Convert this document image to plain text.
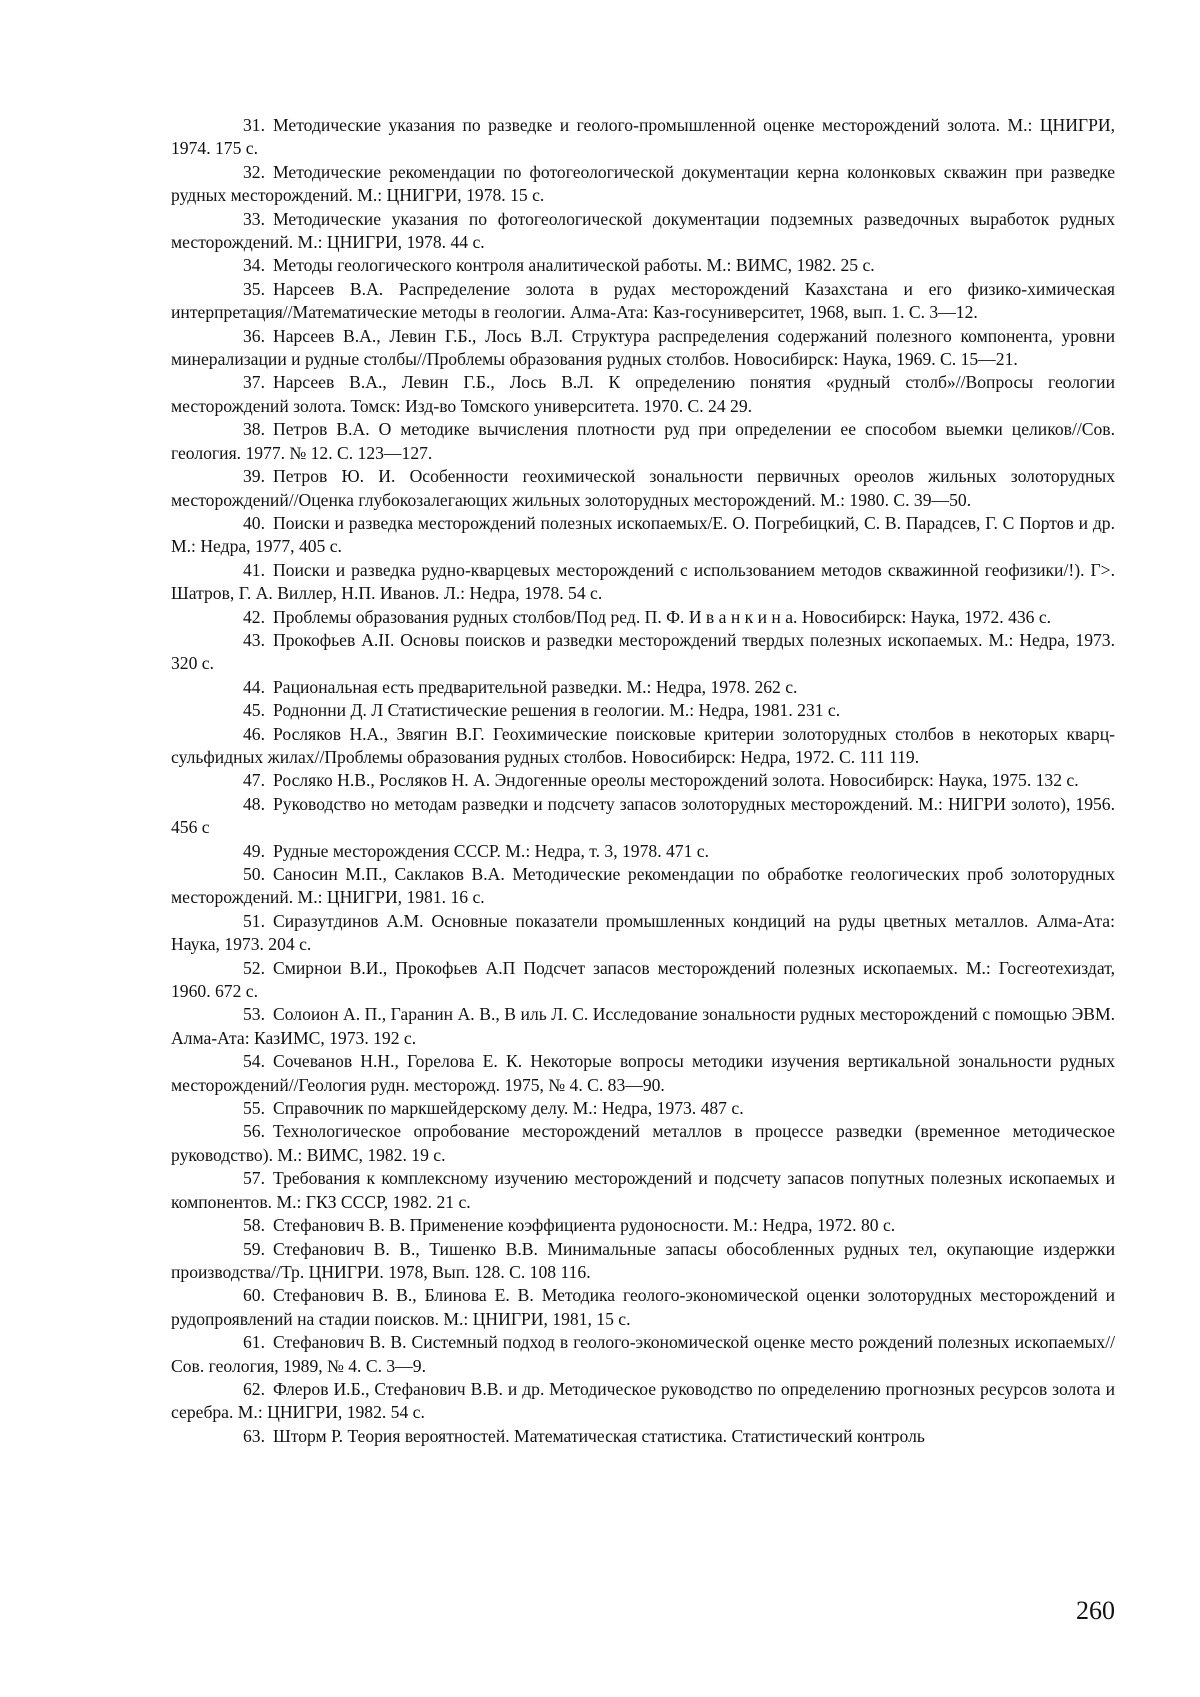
31. Методические указания по разведке и геолого-промышленной оценке месторождений золота. М.: ЦНИГРИ, 1974. 175 с.
32. Методические рекомендации по фотогеологической документации керна колонковых скважин при разведке рудных месторождений. М.: ЦНИГРИ, 1978. 15 с.
33. Методические указания по фотогеологической документации подземных разведочных выработок рудных месторождений. М.: ЦНИГРИ, 1978. 44 с.
34. Методы геологического контроля аналитической работы. М.: ВИМС, 1982. 25 с.
35. Нарсеев В.А. Распределение золота в рудах месторождений Казахстана и его физико-химическая интерпретация//Математические методы в геологии. Алма-Ата: Каз-госуниверситет, 1968, вып. 1. С. 3—12.
36. Нарсеев В.А., Левин Г.Б., Лось В.Л. Структура распределения содержаний полезного компонента, уровни минерализации и рудные столбы//Проблемы образования рудных столбов. Новосибирск: Наука, 1969. С. 15—21.
37. Нарсеев В.А., Левин Г.Б., Лось В.Л. К определению понятия «рудный столб»//Вопросы геологии месторождений золота. Томск: Изд-во Томского университета. 1970. С. 24 29.
38. Петров В.А. О методике вычисления плотности руд при определении ее способом выемки целиков//Сов. геология. 1977. № 12. С. 123—127.
39. Петров Ю. И. Особенности геохимической зональности первичных ореолов жильных золоторудных месторождений//Оценка глубокозалегающих жильных золоторудных месторождений. М.: 1980. С. 39—50.
40. Поиски и разведка месторождений полезных ископаемых/Е. О. Погребицкий, С. В. Парадсев, Г. С Портов и др. М.: Недра, 1977, 405 с.
41. Поиски и разведка рудно-кварцевых месторождений с использованием методов скважинной геофизики/!). Г>. Шатров, Г. А. Виллер, Н.П. Иванов. Л.: Недра, 1978. 54 с.
42. Проблемы образования рудных столбов/Под ред. П. Ф. И в а н к и н а. Новосибирск: Наука, 1972. 436 с.
43. Прокофьев А.II. Основы поисков и разведки месторождений твердых полезных ископаемых. М.: Недра, 1973. 320 с.
44. Рациональная есть предварительной разведки. М.: Недра, 1978. 262 с.
45. Роднонни Д. Л Статистические решения в геологии. М.: Недра, 1981. 231 с.
46. Росляков Н.А., Звягин В.Г. Геохимические поисковые критерии золоторудных столбов в некоторых кварц-сульфидных жилах//Проблемы образования рудных столбов. Новосибирск: Недра, 1972. С. 111 119.
47. Росляко Н.В., Росляков Н. А. Эндогенные ореолы месторождений золота. Новосибирск: Наука, 1975. 132 с.
48. Руководство но методам разведки и подсчету запасов золоторудных месторождений. М.: НИГРИ золото), 1956. 456 с
49. Рудные месторождения СССР. М.: Недра, т. 3, 1978. 471 с.
50. Саносин М.П., Саклаков В.А. Методические рекомендации по обработке геологических проб золоторудных месторождений. М.: ЦНИГРИ, 1981. 16 с.
51. Сиразутдинов А.М. Основные показатели промышленных кондиций на руды цветных металлов. Алма-Ата: Наука, 1973. 204 с.
52. Смирнои В.И., Прокофьев А.П Подсчет запасов месторождений полезных ископаемых. М.: Госгеотехиздат, 1960. 672 с.
53. Солоион А. П., Гаранин А. В., В иль Л. С. Исследование зональности рудных месторождений с помощью ЭВМ. Алма-Ата: КазИМС, 1973. 192 с.
54. Сочеванов Н.Н., Горелова Е. К. Некоторые вопросы методики изучения вертикальной зональности рудных месторождений//Геология рудн. месторожд. 1975, № 4. С. 83—90.
55. Справочник по маркшейдерскому делу. М.: Недра, 1973. 487 с.
56. Технологическое опробование месторождений металлов в процессе разведки (временное методическое руководство). М.: ВИМС, 1982. 19 с.
57. Требования к комплексному изучению месторождений и подсчету запасов попутных полезных ископаемых и компонентов. М.: ГКЗ СССР, 1982. 21 с.
58. Стефанович В. В. Применение коэффициента рудоносности. М.: Недра, 1972. 80 с.
59. Стефанович В. В., Тишенко В.В. Минимальные запасы обособленных рудных тел, окупающие издержки производства//Тр. ЦНИГРИ. 1978, Вып. 128. С. 108 116.
60. Стефанович В. В., Блинова Е. В. Методика геолого-экономической оценки золоторудных месторождений и рудопроявлений на стадии поисков. М.: ЦНИГРИ, 1981, 15 с.
61. Стефанович В. В. Системный подход в геолого-экономической оценке место рождений полезных ископаемых//Сов. геология, 1989, № 4. С. 3—9.
62. Флеров И.Б., Стефанович В.В. и др. Методическое руководство по определению прогнозных ресурсов золота и серебра. М.: ЦНИГРИ, 1982. 54 с.
63. Шторм Р. Теория вероятностей. Математическая статистика. Статистический контроль
260
